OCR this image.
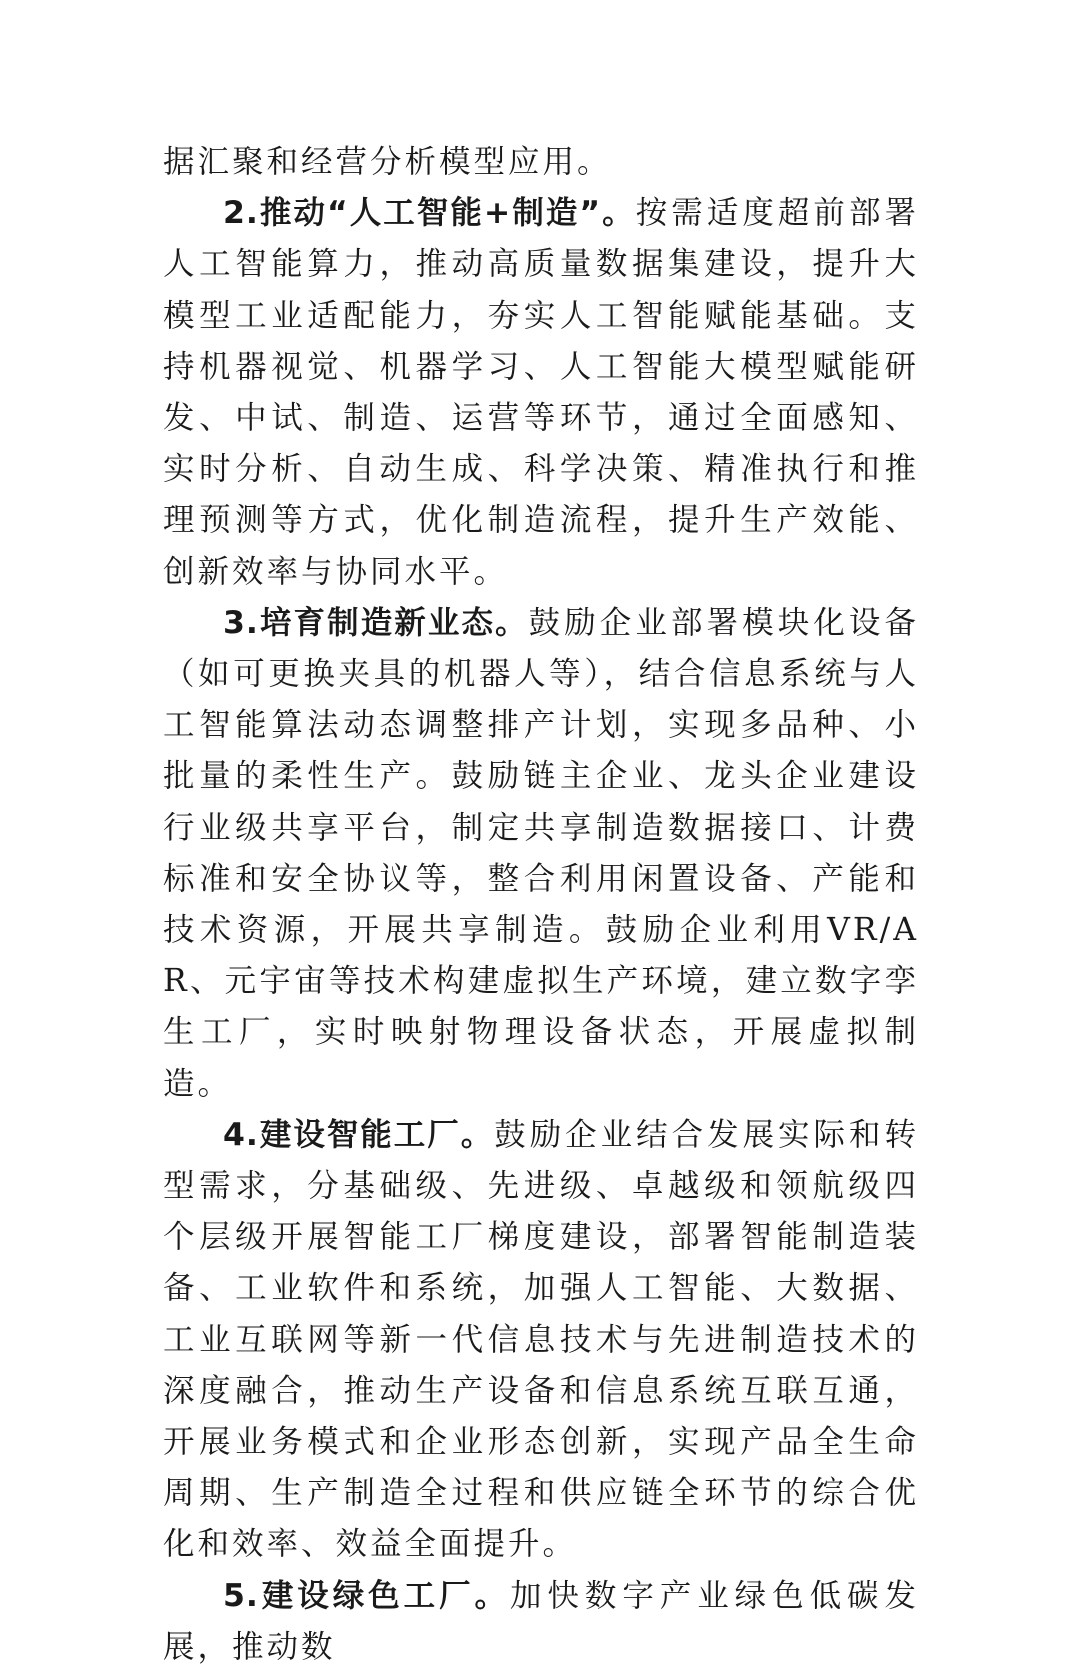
据汇聚和经营分析模型应用。

2.推动“人工智能+制造”。按需适度超前部署人工智能算力，推动高质量数据集建设，提升大模型工业适配能力，夯实人工智能赋能基础。支持机器视觉、机器学习、人工智能大模型赋能研发、中试、制造、运营等环节，通过全面感知、实时分析、自动生成、科学决策、精准执行和推理预测等方式，优化制造流程，提升生产效能、创新效率与协同水平。

3.培育制造新业态。鼓励企业部署模块化设备（如可更换夹具的机器人等），结合信息系统与人工智能算法动态调整排产计划，实现多品种、小批量的柔性生产。鼓励链主企业、龙头企业建设行业级共享平台，制定共享制造数据接口、计费标准和安全协议等，整合利用闲置设备、产能和技术资源，开展共享制造。鼓励企业利用VR/AR、元宇宙等技术构建虚拟生产环境，建立数字孪生工厂，实时映射物理设备状态，开展虚拟制造。

4.建设智能工厂。鼓励企业结合发展实际和转型需求，分基础级、先进级、卓越级和领航级四个层级开展智能工厂梯度建设，部署智能制造装备、工业软件和系统，加强人工智能、大数据、工业互联网等新一代信息技术与先进制造技术的深度融合，推动生产设备和信息系统互联互通，开展业务模式和企业形态创新，实现产品全生命周期、生产制造全过程和供应链全环节的综合优化和效率、效益全面提升。

5.建设绿色工厂。加快数字产业绿色低碳发展，推动数
